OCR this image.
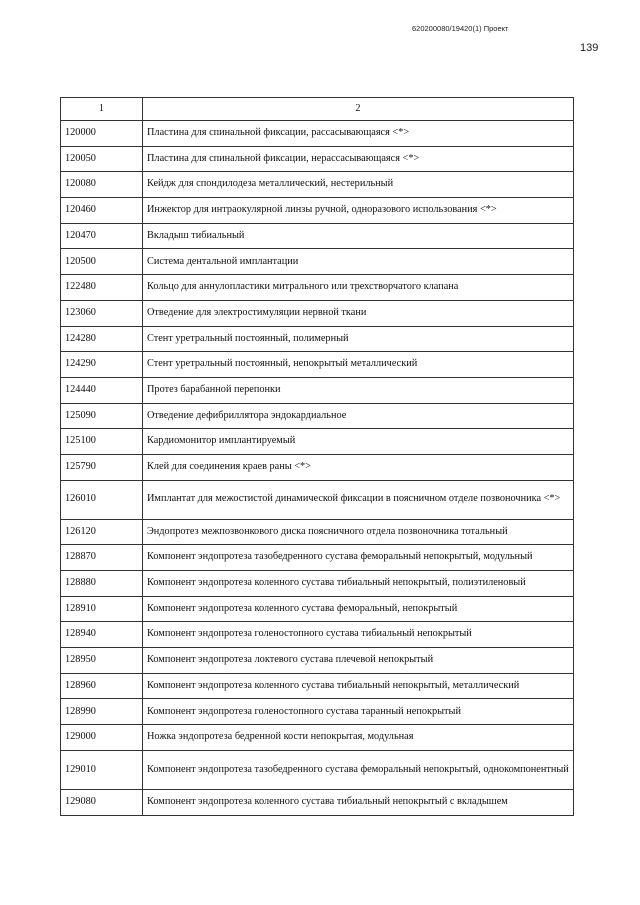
620200080/19420(1) Проект
139
1	2
120000	Пластина для спинальной фиксации, рассасывающаяся <*>
120050	Пластина для спинальной фиксации, нерассасывающаяся <*>
120080	Кейдж для спондилодеза металлический, нестерильный
120460	Инжектор для интраокулярной линзы ручной, одноразового использования <*>
120470	Вкладыш тибиальный
120500	Система дентальной имплантации
122480	Кольцо для аннулопластики митрального или трехстворчатого клапана
123060	Отведение для электростимуляции нервной ткани
124280	Стент уретральный постоянный, полимерный
124290	Стент уретральный постоянный, непокрытый металлический
124440	Протез барабанной перепонки
125090	Отведение дефибриллятора эндокардиальное
125100	Кардиомонитор имплантируемый
125790	Клей для соединения краев раны <*>
126010	Имплантат для межостистой динамической фиксации в поясничном отделе позвоночника <*>
126120	Эндопротез межпозвонкового диска поясничного отдела позвоночника тотальный
128870	Компонент эндопротеза тазобедренного сустава феморальный непокрытый, модульный
128880	Компонент эндопротеза коленного сустава тибиальный непокрытый, полиэтиленовый
128910	Компонент эндопротеза коленного сустава феморальный, непокрытый
128940	Компонент эндопротеза голеностопного сустава тибиальный непокрытый
128950	Компонент эндопротеза локтевого сустава плечевой непокрытый
128960	Компонент эндопротеза коленного сустава тибиальный непокрытый, металлический
128990	Компонент эндопротеза голеностопного сустава таранный непокрытый
129000	Ножка эндопротеза бедренной кости непокрытая, модульная
129010	Компонент эндопротеза тазобедренного сустава феморальный непокрытый, однокомпонентный
129080	Компонент эндопротеза коленного сустава тибиальный непокрытый с вкладышем
